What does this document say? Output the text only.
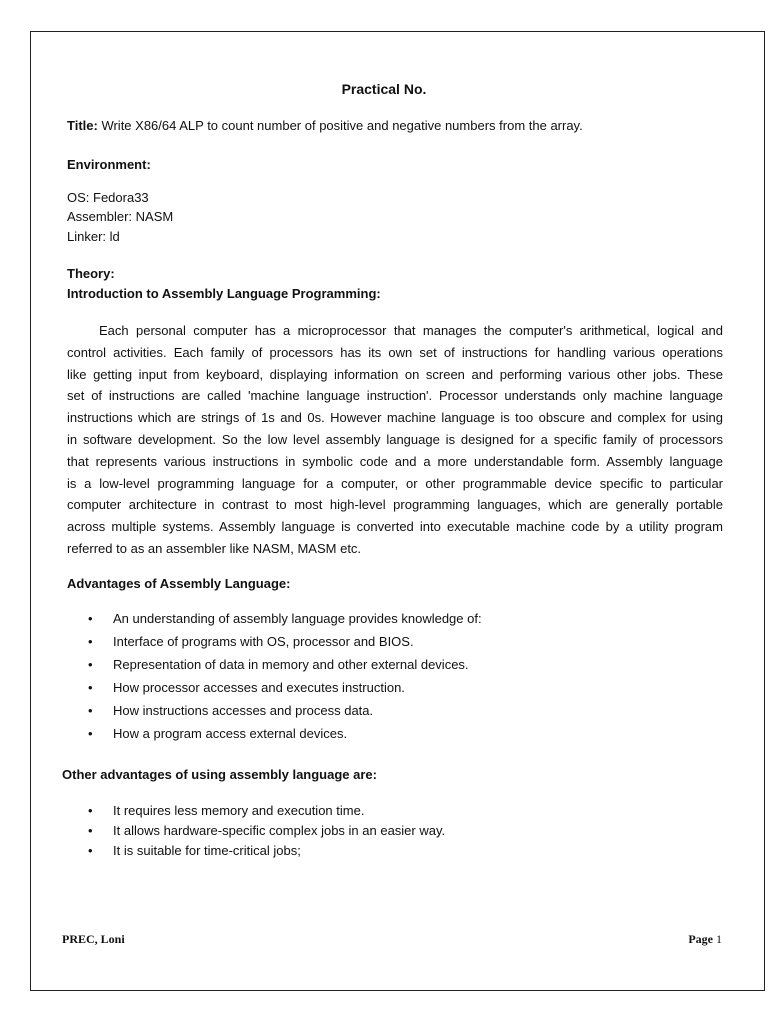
Practical No.
Title: Write X86/64 ALP to count number of positive and negative numbers from the array.
Environment:
OS: Fedora33
Assembler: NASM
Linker: ld
Theory:
Introduction to Assembly Language Programming:
Each personal computer has a microprocessor that manages the computer's arithmetical, logical and
control activities. Each family of processors has its own set of instructions for handling various operations
like getting input from keyboard, displaying information on screen and performing various other jobs. These
set of instructions are called 'machine language instruction'. Processor understands only machine language
instructions which are strings of 1s and 0s. However machine language is too obscure and complex for using
in software development. So the low level assembly language is designed for a specific family of processors
that represents various instructions in symbolic code and a more understandable form. Assembly language
is a low-level programming language for a computer, or other programmable device specific to particular
computer architecture in contrast to most high-level programming languages, which are generally portable
across multiple systems. Assembly language is converted into executable machine code by a utility program
referred to as an assembler like NASM, MASM etc.
Advantages of Assembly Language:
• An understanding of assembly language provides knowledge of:
• Interface of programs with OS, processor and BIOS.
• Representation of data in memory and other external devices.
• How processor accesses and executes instruction.
• How instructions accesses and process data.
• How a program access external devices.
Other advantages of using assembly language are:
• It requires less memory and execution time.
• It allows hardware-specific complex jobs in an easier way.
• It is suitable for time-critical jobs;
PREC, Loni	Page 1
